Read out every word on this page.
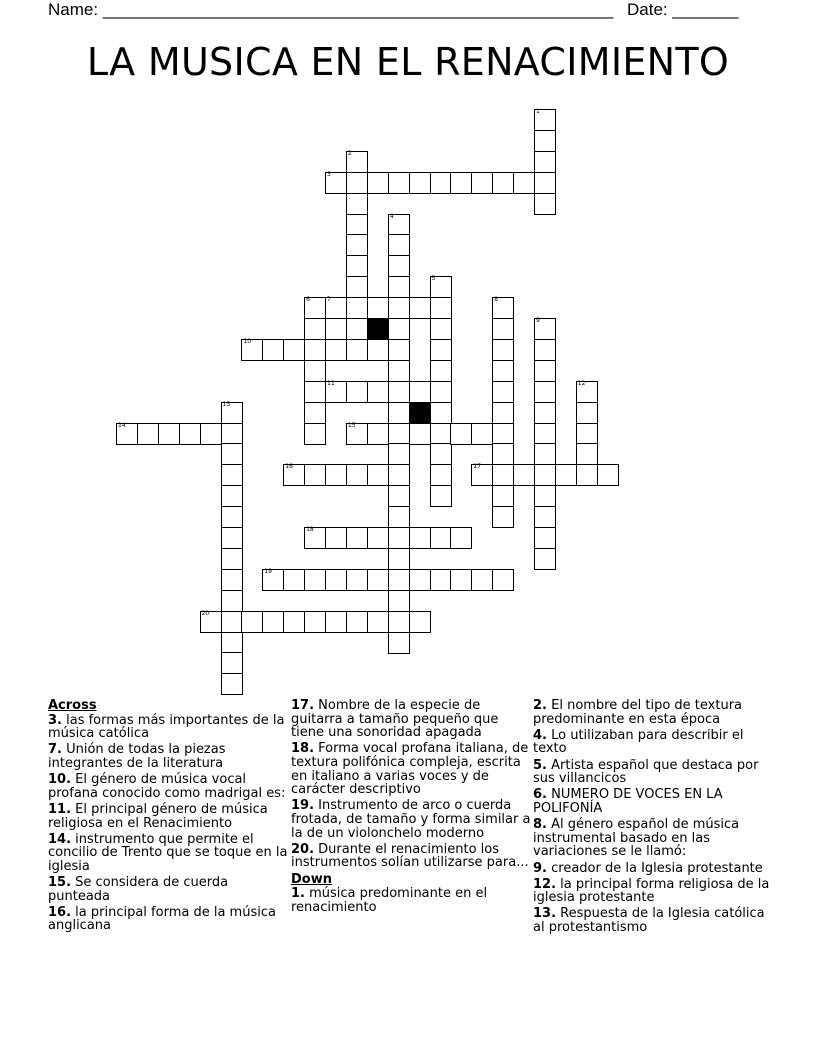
Name: ______________________________________________________ Date: _______
LA MUSICA EN EL RENACIMIENTO
1
2
3
4
5
6	7	8
9
10
11	12
13
14	15
16	17
18
19
20
Across
3. las formas más importantes de la música católica
7. Unión de todas la piezas integrantes de la literatura
10. El género de música vocal profana conocido como madrigal es:
11. El principal género de música religiosa en el Renacimiento
14. instrumento que permite el concilio de Trento que se toque en la iglesia
15. Se considera de cuerda punteada
16. la principal forma de la música anglicana
17. Nombre de la especie de guitarra a tamaño pequeño que tiene una sonoridad apagada
18. Forma vocal profana italiana, de textura polifónica compleja, escrita en italiano a varias voces y de carácter descriptivo
19. Instrumento de arco o cuerda frotada, de tamaño y forma similar a la de un violonchelo moderno
20. Durante el renacimiento los instrumentos solían utilizarse para...
Down
1. música predominante en el renacimiento
2. El nombre del tipo de textura predominante en esta época
4. Lo utilizaban para describir el texto
5. Artista español que destaca por sus villancicos
6. NUMERO DE VOCES EN LA POLIFONÍA
8. Al género español de música instrumental basado en las variaciones se le llamó:
9. creador de la Iglesia protestante
12. la principal forma religiosa de la iglesia protestante
13. Respuesta de la Iglesia católica al protestantismo
